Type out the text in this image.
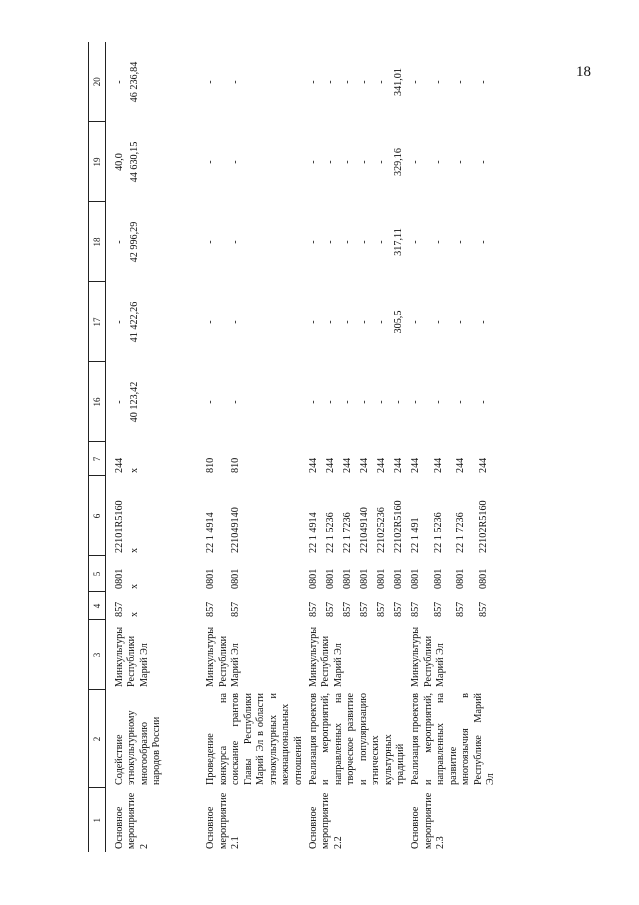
18
1	2	3	4	5	6	7	16	17	18	19	20

Основное мероприятие 2	Содействие этнокультурному многообразию народов России	Минкультуры Республики Марий Эл	857	0801	22101R5160	244	-	-	-	40,0	-
			x	x	x	x	40 123,42	41 422,26	42 996,29	44 630,15	46 236,84
Основное мероприятие 2.1	Проведение конкурса на соискание грантов Главы Республики Марий Эл в области этнокультурных и межнациональных отношений	Минкультуры Республики Марий Эл	857	0801	22 1 4914	810	-	-	-	-	-
			857	0801	221049140	810	-	-	-	-	-
Основное мероприятие 2.2	Реализация проектов и мероприятий, направленных на творческое развитие и популяризацию этнических культурных традиций	Минкультуры Республики Марий Эл	857	0801	22 1 4914	244	-	-	-	-	-
			857	0801	22 1 5236	244	-	-	-	-	-
			857	0801	22 1 7236	244	-	-	-	-	-
			857	0801	221049140	244	-	-	-	-	-
			857	0801	221025236	244	-	-	-	-	-
			857	0801	22102R5160	244	-	305,5	317,11	329,16	341,01
Основное мероприятие 2.3	Реализация проектов и мероприятий, направленных на развитие многоязычия в Республике Марий Эл	Минкультуры Республики Марий Эл	857	0801	22 1 491	244	-	-	-	-	-
			857	0801	22 1 5236	244	-	-	-	-	-
			857	0801	22 1 7236	244	-	-	-	-	-
			857	0801	22102R5160	244	-	-	-	-	-
